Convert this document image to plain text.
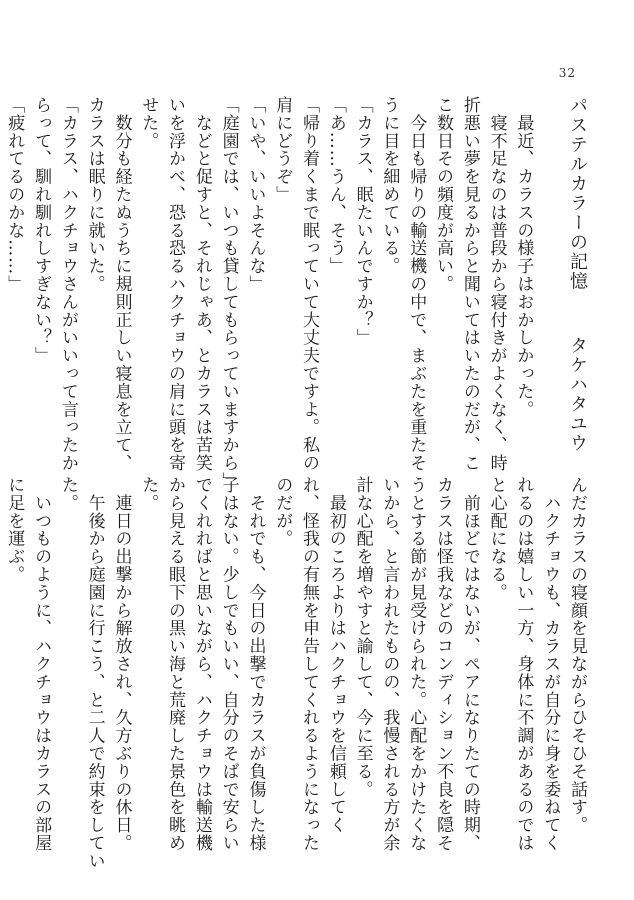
32
パステルカラーの記憶
タケハタユウ

　最近、カラスの様子はおかしかった。

　寝不足なのは普段から寝付きがよくなく、時

折悪い夢を見るからと聞いてはいたのだが、こ

こ数日その頻度が高い。

　今日も帰りの輸送機の中で、まぶたを重たそ

うに目を細めている。

「カラス、眠たいんですか？」

「あ……うん、そう」

「帰り着くまで眠っていて大丈夫ですよ。私の

肩にどうぞ」

「いや、いいよそんな」

「庭園では、いつも貸してもらっていますから」

　などと促すと、それじゃあ、とカラスは苦笑

いを浮かべ、恐る恐るハクチョウの肩に頭を寄

せた。

　数分も経たぬうちに規則正しい寝息を立て、

カラスは眠りに就いた。

「カラス、ハクチョウさんがいいって言ったか

らって、馴れ馴れしすぎない？」

「疲れてるのかな……」

んだカラスの寝顔を見ながらひそひそ話す。

　ハクチョウも、カラスが自分に身を委ねてく

れるのは嬉しい一方、身体に不調があるのでは

と心配になる。

　前ほどではないが、ペアになりたての時期、

カラスは怪我などのコンディション不良を隠そ

うとする節が見受けられた。心配をかけたくな

いから、と言われたものの、我慢される方が余

計な心配を増やすと諭して、今に至る。

　最初のころよりはハクチョウを信頼してく

れ、怪我の有無を申告してくれるようになった

のだが。

　それでも、今日の出撃でカラスが負傷した様

子はない。少しでもいい、自分のそばで安らい

でくれればと思いながら、ハクチョウは輸送機

から見える眼下の黒い海と荒廃した景色を眺め

た。

　連日の出撃から解放され、久方ぶりの休日。

　午後から庭園に行こう、と二人で約束をしてい

た。

　いつものように、ハクチョウはカラスの部屋

に足を運ぶ。
